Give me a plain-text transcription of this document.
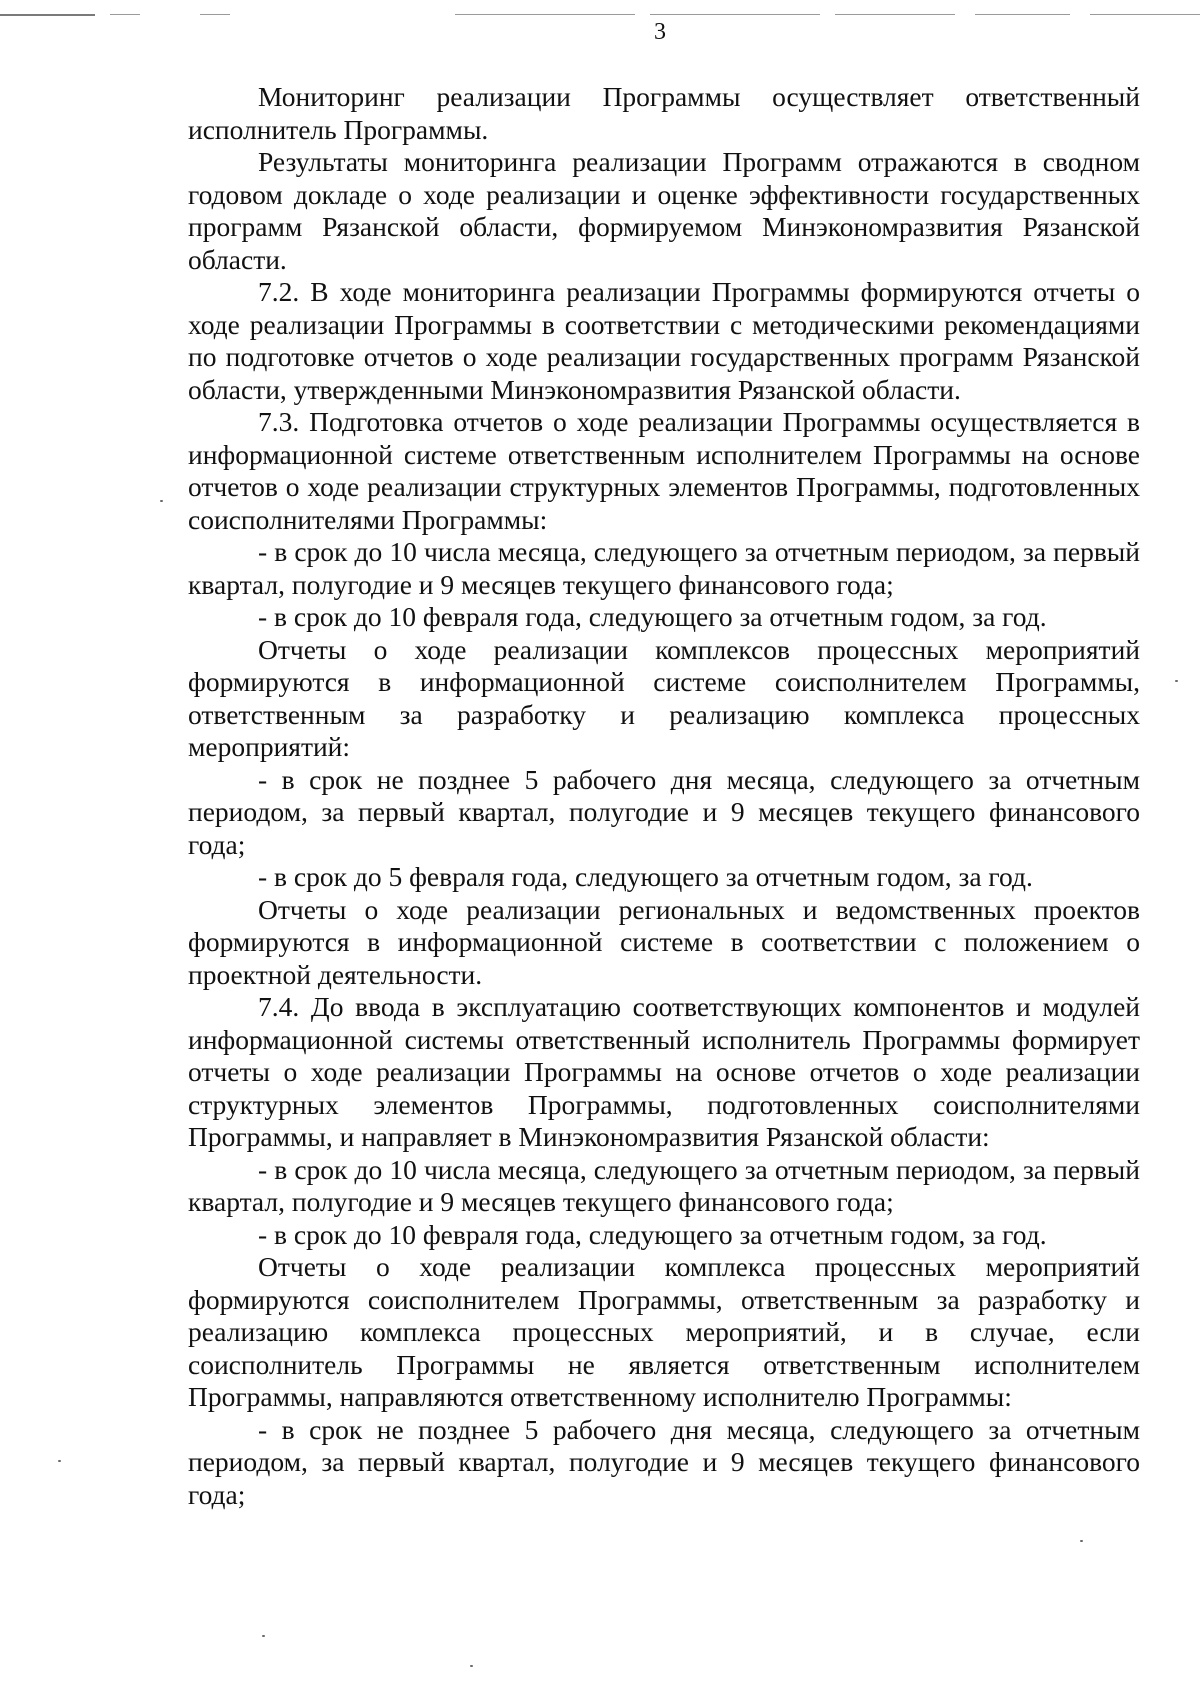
3

Мониторинг реализации Программы осуществляет ответственный исполнитель Программы.

Результаты мониторинга реализации Программ отражаются в сводном годовом докладе о ходе реализации и оценке эффективности государственных программ Рязанской области, формируемом Минэкономразвития Рязанской области.

7.2. В ходе мониторинга реализации Программы формируются отчеты о ходе реализации Программы в соответствии с методическими рекомендациями по подготовке отчетов о ходе реализации государственных программ Рязанской области, утвержденными Минэкономразвития Рязанской области.

7.3. Подготовка отчетов о ходе реализации Программы осуществляется в информационной системе ответственным исполнителем Программы на основе отчетов о ходе реализации структурных элементов Программы, подготовленных соисполнителями Программы:

- в срок до 10 числа месяца, следующего за отчетным периодом, за первый квартал, полугодие и 9 месяцев текущего финансового года;

- в срок до 10 февраля года, следующего за отчетным годом, за год.

Отчеты о ходе реализации комплексов процессных мероприятий формируются в информационной системе соисполнителем Программы, ответственным за разработку и реализацию комплекса процессных мероприятий:

- в срок не позднее 5 рабочего дня месяца, следующего за отчетным периодом, за первый квартал, полугодие и 9 месяцев текущего финансового года;

- в срок до 5 февраля года, следующего за отчетным годом, за год.

Отчеты о ходе реализации региональных и ведомственных проектов формируются в информационной системе в соответствии с положением о проектной деятельности.

7.4. До ввода в эксплуатацию соответствующих компонентов и модулей информационной системы ответственный исполнитель Программы формирует отчеты о ходе реализации Программы на основе отчетов о ходе реализации структурных элементов Программы, подготовленных соисполнителями Программы, и направляет в Минэкономразвития Рязанской области:

- в срок до 10 числа месяца, следующего за отчетным периодом, за первый квартал, полугодие и 9 месяцев текущего финансового года;

- в срок до 10 февраля года, следующего за отчетным годом, за год.

Отчеты о ходе реализации комплекса процессных мероприятий формируются соисполнителем Программы, ответственным за разработку и реализацию комплекса процессных мероприятий, и в случае, если соисполнитель Программы не является ответственным исполнителем Программы, направляются ответственному исполнителю Программы:

- в срок не позднее 5 рабочего дня месяца, следующего за отчетным периодом, за первый квартал, полугодие и 9 месяцев текущего финансового года;
